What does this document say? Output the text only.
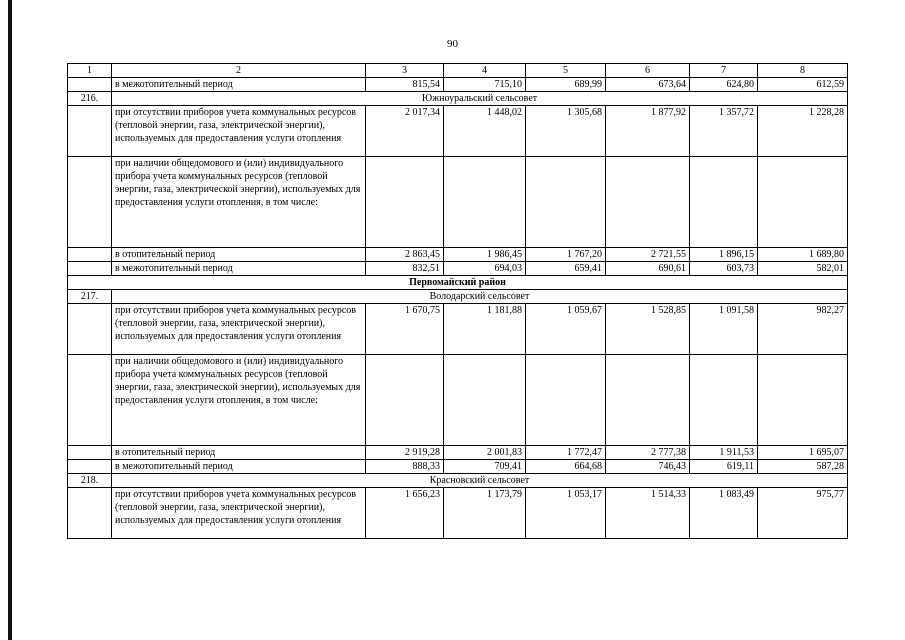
90
1	2	3	4	5	6	7	8
	в межотопительный период	815,54	715,10	689,99	673,64	624,80	612,59
216.	Южноуральский сельсовет						
	при отсутствии приборов учета коммунальных ресурсов (тепловой энергии, газа, электрической энергии), используемых для предоставления услуги отопления	2 017,34	1 448,02	1 305,68	1 877,92	1 357,72	1 228,28
	при наличии общедомового и (или) индивидуального прибора учета коммунальных ресурсов (тепловой энергии, газа, электрической энергии), используемых для предоставления услуги отопления, в том числе:						
	в отопительный период	2 863,45	1 986,45	1 767,20	2 721,55	1 896,15	1 689,80
	в межотопительный период	832,51	694,03	659,41	690,61	603,73	582,01
Первомайский район							
217.	Володарский сельсовет						
	при отсутствии приборов учета коммунальных ресурсов (тепловой энергии, газа, электрической энергии), используемых для предоставления услуги отопления	1 670,75	1 181,88	1 059,67	1 528,85	1 091,58	982,27
	при наличии общедомового и (или) индивидуального прибора учета коммунальных ресурсов (тепловой энергии, газа, электрической энергии), используемых для предоставления услуги отопления, в том числе:						
	в отопительный период	2 919,28	2 001,83	1 772,47	2 777,38	1 911,53	1 695,07
	в межотопительный период	888,33	709,41	664,68	746,43	619,11	587,28
218.	Красновский сельсовет						
	при отсутствии приборов учета коммунальных ресурсов (тепловой энергии, газа, электрической энергии), используемых для предоставления услуги отопления	1 656,23	1 173,79	1 053,17	1 514,33	1 083,49	975,77
